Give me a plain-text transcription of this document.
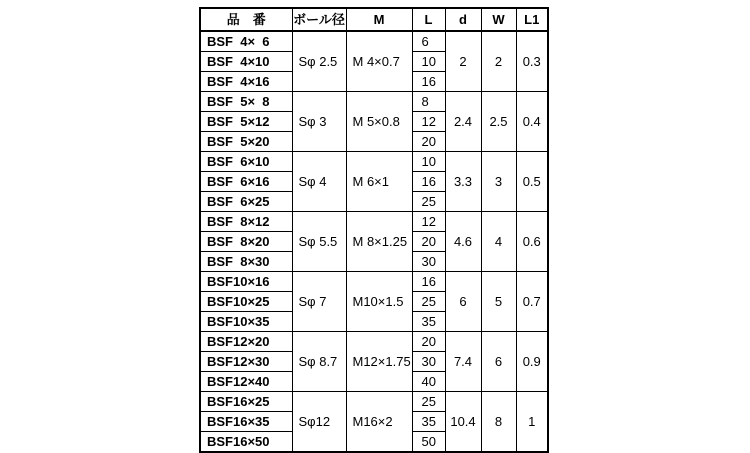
品　番	ボール径	M	L	d	W	L1
BSF  4×  6	Sφ 2.5	M 4×0.7	6	2	2	0.3
BSF  4×10			10			
BSF  4×16			16			
BSF  5×  8	Sφ 3	M 5×0.8	8	2.4	2.5	0.4
BSF  5×12			12			
BSF  5×20			20			
BSF  6×10	Sφ 4	M 6×1	10	3.3	3	0.5
BSF  6×16			16			
BSF  6×25			25			
BSF  8×12	Sφ 5.5	M 8×1.25	12	4.6	4	0.6
BSF  8×20			20			
BSF  8×30			30			
BSF10×16	Sφ 7	M10×1.5	16	6	5	0.7
BSF10×25			25			
BSF10×35			35			
BSF12×20	Sφ 8.7	M12×1.75	20	7.4	6	0.9
BSF12×30			30			
BSF12×40			40			
BSF16×25	Sφ12	M16×2	25	10.4	8	1
BSF16×35			35			
BSF16×50			50			
